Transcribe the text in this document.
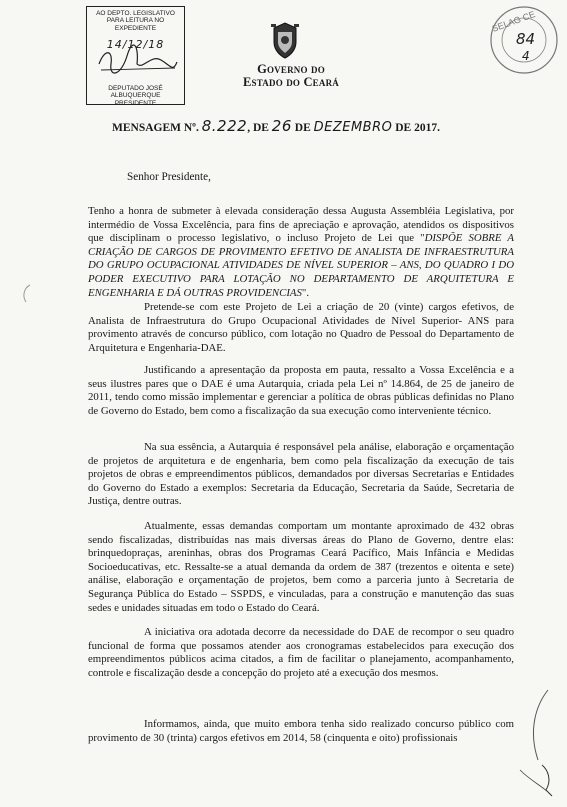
AO DEPTO. LEGISLATIVO
PARA LEITURA NO EXPEDIENTE
14/12/18
DEPUTADO JOSÉ ALBUQUERQUE
PRESIDENTE
Governo do
Estado do Ceará
SELAG CE
84
4
MENSAGEM Nº. 8.222, DE 26 DE DEZEMBRO DE 2017.
Senhor Presidente,
Tenho a honra de submeter à elevada consideração dessa Augusta Assembléia Legislativa, por intermédio de Vossa Excelência, para fins de apreciação e aprovação, atendidos os dispositivos que disciplinam o processo legislativo, o incluso Projeto de Lei que "DISPÕE SOBRE A CRIAÇÃO DE CARGOS DE PROVIMENTO EFETIVO DE ANALISTA DE INFRAESTRUTURA DO GRUPO OCUPACIONAL ATIVIDADES DE NÍVEL SUPERIOR – ANS, DO QUADRO I DO PODER EXECUTIVO PARA LOTAÇÃO NO DEPARTAMENTO DE ARQUITETURA E ENGENHARIA E DÁ OUTRAS PROVIDENCIAS".
Pretende-se com este Projeto de Lei a criação de 20 (vinte) cargos efetivos, de Analista de Infraestrutura do Grupo Ocupacional Atividades de Nível Superior- ANS para provimento através de concurso público, com lotação no Quadro de Pessoal do Departamento de Arquitetura e Engenharia-DAE.
Justificando a apresentação da proposta em pauta, ressalto a Vossa Excelência e a seus ilustres pares que o DAE é uma Autarquia, criada pela Lei nº 14.864, de 25 de janeiro de 2011, tendo como missão implementar e gerenciar a política de obras públicas definidas no Plano de Governo do Estado, bem como a fiscalização da sua execução como interveniente técnico.
Na sua essência, a Autarquia é responsável pela análise, elaboração e orçamentação de projetos de arquitetura e de engenharia, bem como pela fiscalização da execução de tais projetos de obras e empreendimentos públicos, demandados por diversas Secretarias e Entidades do Governo do Estado a exemplos: Secretaria da Educação, Secretaria da Saúde, Secretaria de Justiça, dentre outras.
Atualmente, essas demandas comportam um montante aproximado de 432 obras sendo fiscalizadas, distribuídas nas mais diversas áreas do Plano de Governo, dentre elas: brinquedopraças, areninhas, obras dos Programas Ceará Pacífico, Mais Infância e Medidas Socioeducativas, etc. Ressalte-se a atual demanda da ordem de 387 (trezentos e oitenta e sete) análise, elaboração e orçamentação de projetos, bem como a parceria junto à Secretaria de Segurança Pública do Estado – SSPDS, e vinculadas, para a construção e manutenção das suas sedes e unidades situadas em todo o Estado do Ceará.
A iniciativa ora adotada decorre da necessidade do DAE de recompor o seu quadro funcional de forma que possamos atender aos cronogramas estabelecidos para execução dos empreendimentos públicos acima citados, a fim de facilitar o planejamento, acompanhamento, controle e fiscalização desde a concepção do projeto até a execução dos mesmos.
Informamos, ainda, que muito embora tenha sido realizado concurso público com provimento de 30 (trinta) cargos efetivos em 2014, 58 (cinquenta e oito) profissionais
